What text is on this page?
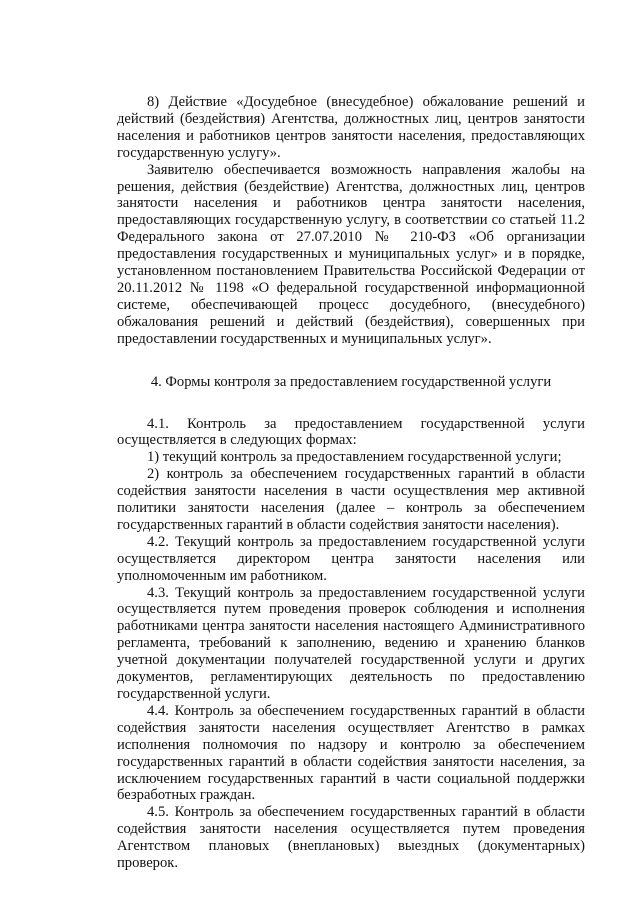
8) Действие «Досудебное (внесудебное) обжалование решений и действий (бездействия) Агентства, должностных лиц, центров занятости населения и работников центров занятости населения, предоставляющих государственную услугу».

Заявителю обеспечивается возможность направления жалобы на решения, действия (бездействие) Агентства, должностных лиц, центров занятости населения и работников центра занятости населения, предоставляющих государственную услугу, в соответствии со статьей 11.2 Федерального закона от 27.07.2010 № 210-ФЗ «Об организации предоставления государственных и муниципальных услуг» и в порядке, установленном постановлением Правительства Российской Федерации от 20.11.2012 № 1198 «О федеральной государственной информационной системе, обеспечивающей процесс досудебного, (внесудебного) обжалования решений и действий (бездействия), совершенных при предоставлении государственных и муниципальных услуг».

4. Формы контроля за предоставлением государственной услуги

4.1. Контроль за предоставлением государственной услуги осуществляется в следующих формах:

1) текущий контроль за предоставлением государственной услуги;

2) контроль за обеспечением государственных гарантий в области содействия занятости населения в части осуществления мер активной политики занятости населения (далее – контроль за обеспечением государственных гарантий в области содействия занятости населения).

4.2. Текущий контроль за предоставлением государственной услуги осуществляется директором центра занятости населения или уполномоченным им работником.

4.3. Текущий контроль за предоставлением государственной услуги осуществляется путем проведения проверок соблюдения и исполнения работниками центра занятости населения настоящего Административного регламента, требований к заполнению, ведению и хранению бланков учетной документации получателей государственной услуги и других документов, регламентирующих деятельность по предоставлению государственной услуги.

4.4. Контроль за обеспечением государственных гарантий в области содействия занятости населения осуществляет Агентство в рамках исполнения полномочия по надзору и контролю за обеспечением государственных гарантий в области содействия занятости населения, за исключением государственных гарантий в части социальной поддержки безработных граждан.

4.5. Контроль за обеспечением государственных гарантий в области содействия занятости населения осуществляется путем проведения Агентством плановых (внеплановых) выездных (документарных) проверок.
